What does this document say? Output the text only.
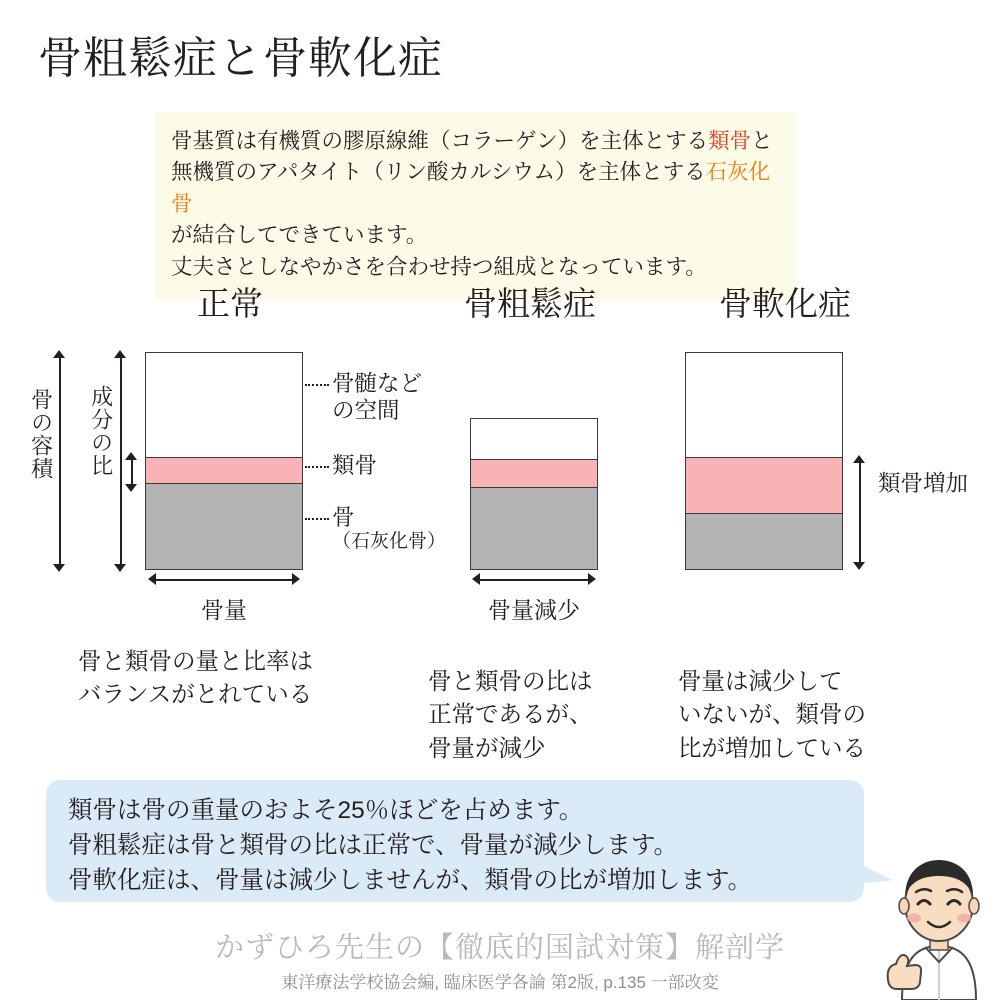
骨粗鬆症と骨軟化症
骨基質は有機質の膠原線維（コラーゲン）を主体とする類骨と
無機質のアパタイト（リン酸カルシウム）を主体とする石灰化骨
が結合してできています。
丈夫さとしなやかさを合わせ持つ組成となっています。
正常	骨粗鬆症	骨軟化症
骨の容積 成分の比
類骨増加
骨髄など
の空間
類骨
骨
（石灰化骨）
骨量	骨量減少
骨と類骨の量と比率は
バランスがとれている
骨と類骨の比は
正常であるが、
骨量が減少
骨量は減少して
いないが、類骨の
比が増加している
類骨は骨の重量のおよそ25％ほどを占めます。
骨粗鬆症は骨と類骨の比は正常で、骨量が減少します。
骨軟化症は、骨量は減少しませんが、類骨の比が増加します。
かずひろ先生の【徹底的国試対策】解剖学
東洋療法学校協会編, 臨床医学各論 第2版, p.135 一部改変
